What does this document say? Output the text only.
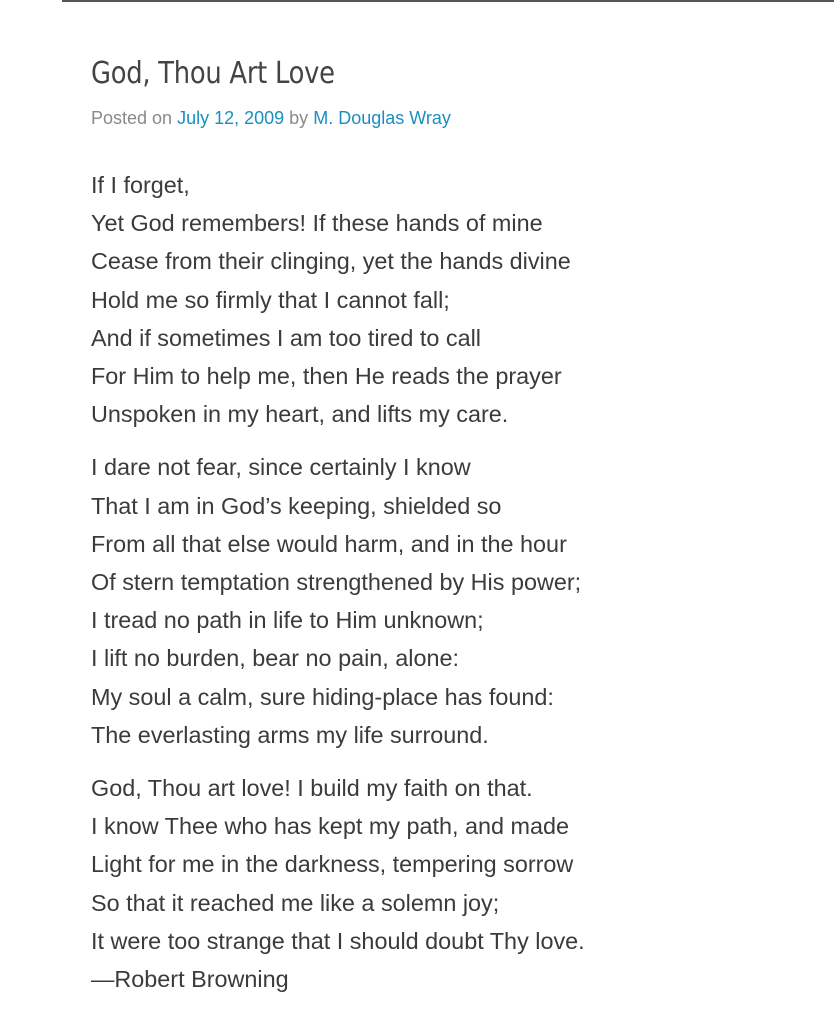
God, Thou Art Love
Posted on July 12, 2009 by M. Douglas Wray
If I forget,
Yet God remembers! If these hands of mine
Cease from their clinging, yet the hands divine
Hold me so firmly that I cannot fall;
And if sometimes I am too tired to call
For Him to help me, then He reads the prayer
Unspoken in my heart, and lifts my care.
I dare not fear, since certainly I know
That I am in God’s keeping, shielded so
From all that else would harm, and in the hour
Of stern temptation strengthened by His power;
I tread no path in life to Him unknown;
I lift no burden, bear no pain, alone:
My soul a calm, sure hiding-place has found:
The everlasting arms my life surround.
God, Thou art love! I build my faith on that.
I know Thee who has kept my path, and made
Light for me in the darkness, tempering sorrow
So that it reached me like a solemn joy;
It were too strange that I should doubt Thy love.
—Robert Browning
